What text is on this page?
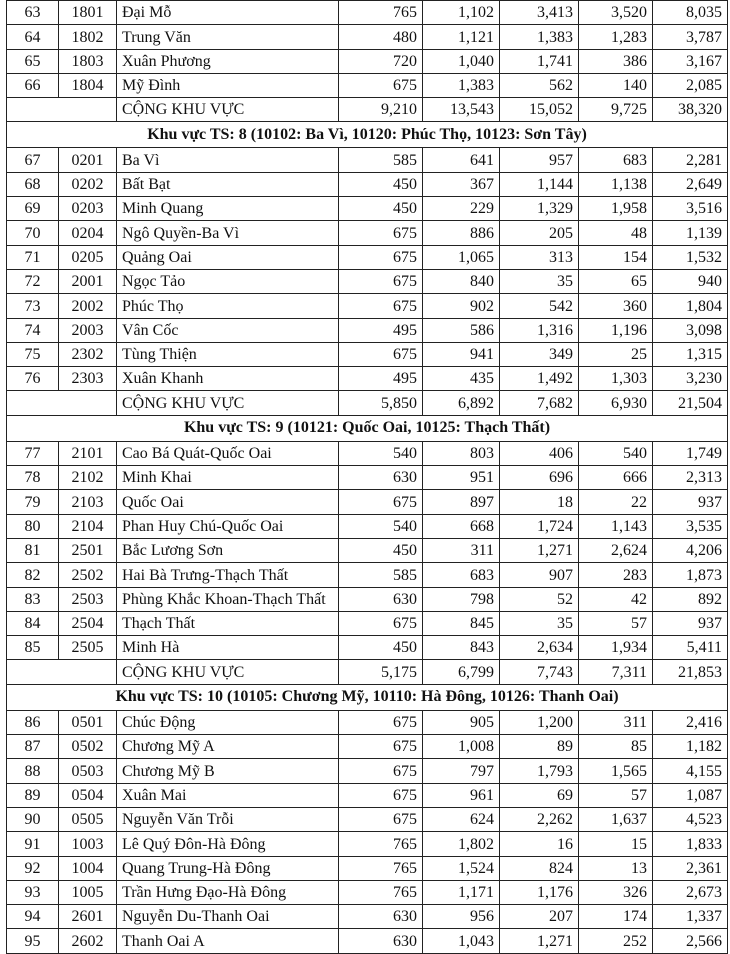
63	1801	Đại Mỗ	765	1,102	3,413	3,520	8,035
64	1802	Trung Văn	480	1,121	1,383	1,283	3,787
65	1803	Xuân Phương	720	1,040	1,741	386	3,167
66	1804	Mỹ Đình	675	1,383	562	140	2,085
		CỘNG KHU VỰC	9,210	13,543	15,052	9,725	38,320
Khu vực TS: 8 (10102: Ba Vì, 10120: Phúc Thọ, 10123: Sơn Tây)							
67	0201	Ba Vì	585	641	957	683	2,281
68	0202	Bất Bạt	450	367	1,144	1,138	2,649
69	0203	Minh Quang	450	229	1,329	1,958	3,516
70	0204	Ngô Quyền-Ba Vì	675	886	205	48	1,139
71	0205	Quảng Oai	675	1,065	313	154	1,532
72	2001	Ngọc Tảo	675	840	35	65	940
73	2002	Phúc Thọ	675	902	542	360	1,804
74	2003	Vân Cốc	495	586	1,316	1,196	3,098
75	2302	Tùng Thiện	675	941	349	25	1,315
76	2303	Xuân Khanh	495	435	1,492	1,303	3,230
		CỘNG KHU VỰC	5,850	6,892	7,682	6,930	21,504
Khu vực TS: 9 (10121: Quốc Oai, 10125: Thạch Thất)							
77	2101	Cao Bá Quát-Quốc Oai	540	803	406	540	1,749
78	2102	Minh Khai	630	951	696	666	2,313
79	2103	Quốc Oai	675	897	18	22	937
80	2104	Phan Huy Chú-Quốc Oai	540	668	1,724	1,143	3,535
81	2501	Bắc Lương Sơn	450	311	1,271	2,624	4,206
82	2502	Hai Bà Trưng-Thạch Thất	585	683	907	283	1,873
83	2503	Phùng Khắc Khoan-Thạch Thất	630	798	52	42	892
84	2504	Thạch Thất	675	845	35	57	937
85	2505	Minh Hà	450	843	2,634	1,934	5,411
		CỘNG KHU VỰC	5,175	6,799	7,743	7,311	21,853
Khu vực TS: 10 (10105: Chương Mỹ, 10110: Hà Đông, 10126: Thanh Oai)							
86	0501	Chúc Động	675	905	1,200	311	2,416
87	0502	Chương Mỹ A	675	1,008	89	85	1,182
88	0503	Chương Mỹ B	675	797	1,793	1,565	4,155
89	0504	Xuân Mai	675	961	69	57	1,087
90	0505	Nguyễn Văn Trỗi	675	624	2,262	1,637	4,523
91	1003	Lê Quý Đôn-Hà Đông	765	1,802	16	15	1,833
92	1004	Quang Trung-Hà Đông	765	1,524	824	13	2,361
93	1005	Trần Hưng Đạo-Hà Đông	765	1,171	1,176	326	2,673
94	2601	Nguyễn Du-Thanh Oai	630	956	207	174	1,337
95	2602	Thanh Oai A	630	1,043	1,271	252	2,566
